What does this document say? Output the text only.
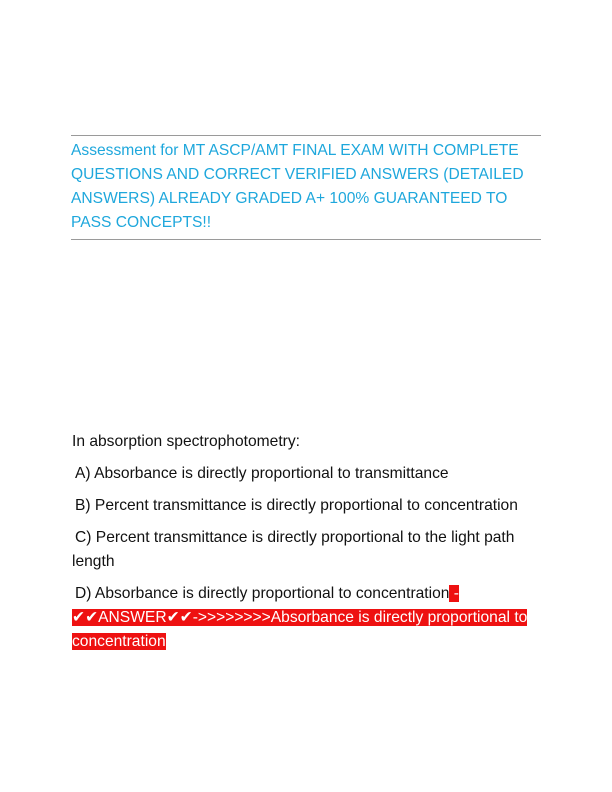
Assessment for MT ASCP/AMT FINAL EXAM WITH COMPLETE QUESTIONS AND CORRECT VERIFIED ANSWERS (DETAILED ANSWERS) ALREADY GRADED A+ 100% GUARANTEED TO PASS CONCEPTS!!

In absorption spectrophotometry:

A) Absorbance is directly proportional to transmittance

B) Percent transmittance is directly proportional to concentration

C) Percent transmittance is directly proportional to the light path length

D) Absorbance is directly proportional to concentration - ✔✔ANSWER✔✔->>>>>>>>Absorbance is directly proportional to concentration
